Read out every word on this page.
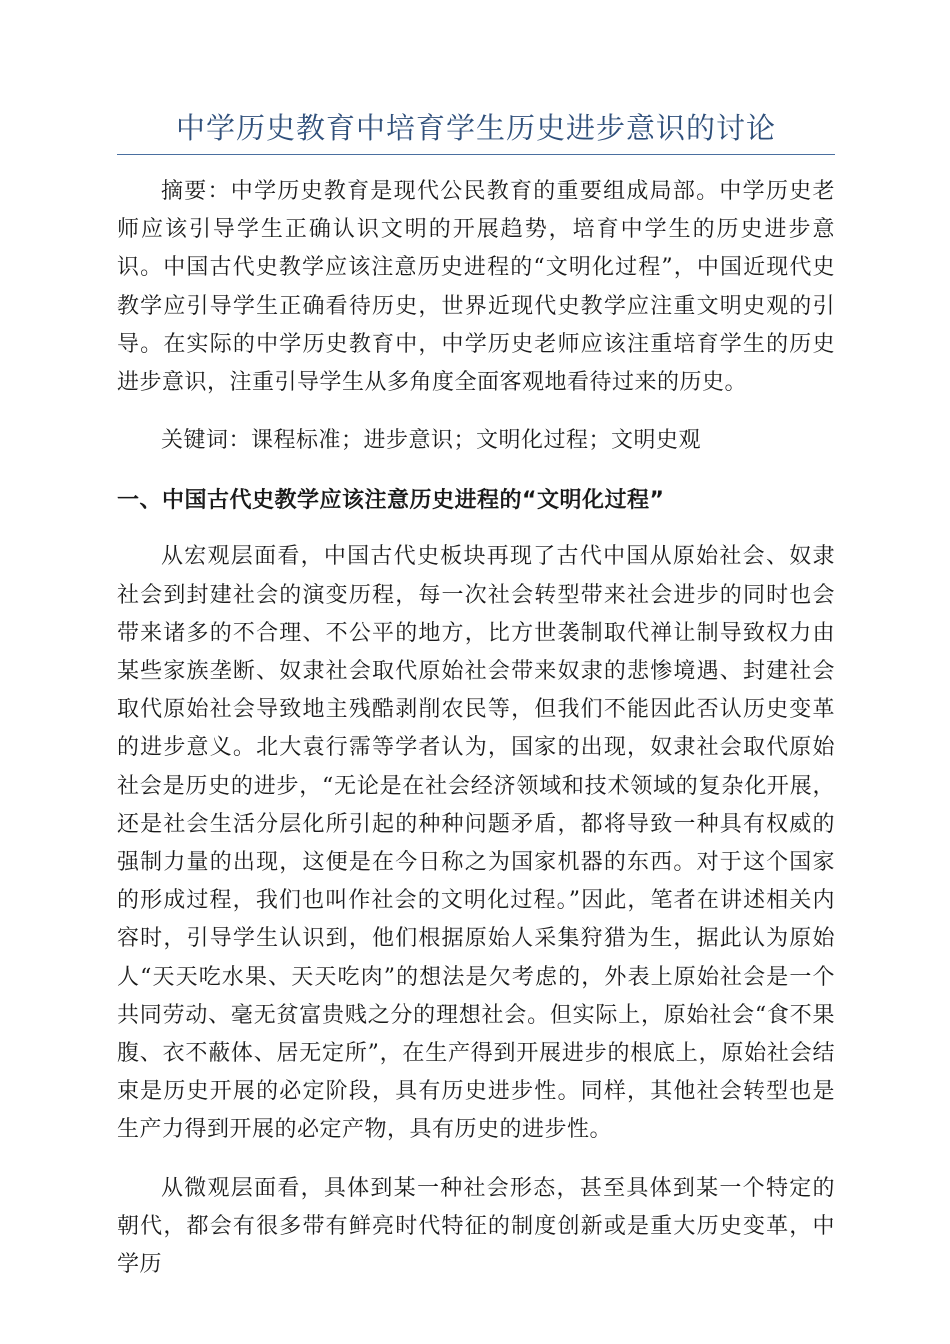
中学历史教育中培育学生历史进步意识的讨论

摘要：中学历史教育是现代公民教育的重要组成局部。中学历史老师应该引导学生正确认识文明的开展趋势，培育中学生的历史进步意识。中国古代史教学应该注意历史进程的“文明化过程”，中国近现代史教学应引导学生正确看待历史，世界近现代史教学应注重文明史观的引导。在实际的中学历史教育中，中学历史老师应该注重培育学生的历史进步意识，注重引导学生从多角度全面客观地看待过来的历史。

关键词：课程标准；进步意识；文明化过程；文明史观

一、中国古代史教学应该注意历史进程的“文明化过程”

从宏观层面看，中国古代史板块再现了古代中国从原始社会、奴隶社会到封建社会的演变历程，每一次社会转型带来社会进步的同时也会带来诸多的不合理、不公平的地方，比方世袭制取代禅让制导致权力由某些家族垄断、奴隶社会取代原始社会带来奴隶的悲惨境遇、封建社会取代原始社会导致地主残酷剥削农民等，但我们不能因此否认历史变革的进步意义。北大袁行霈等学者认为，国家的出现，奴隶社会取代原始社会是历史的进步，“无论是在社会经济领域和技术领域的复杂化开展，还是社会生活分层化所引起的种种问题矛盾，都将导致一种具有权威的强制力量的出现，这便是在今日称之为国家机器的东西。对于这个国家的形成过程，我们也叫作社会的文明化过程。”因此，笔者在讲述相关内容时，引导学生认识到，他们根据原始人采集狩猎为生，据此认为原始人“天天吃水果、天天吃肉”的想法是欠考虑的，外表上原始社会是一个共同劳动、毫无贫富贵贱之分的理想社会。但实际上，原始社会“食不果腹、衣不蔽体、居无定所”，在生产得到开展进步的根底上，原始社会结束是历史开展的必定阶段，具有历史进步性。同样，其他社会转型也是生产力得到开展的必定产物，具有历史的进步性。

从微观层面看，具体到某一种社会形态，甚至具体到某一个特定的朝代，都会有很多带有鲜亮时代特征的制度创新或是重大历史变革，中学历
